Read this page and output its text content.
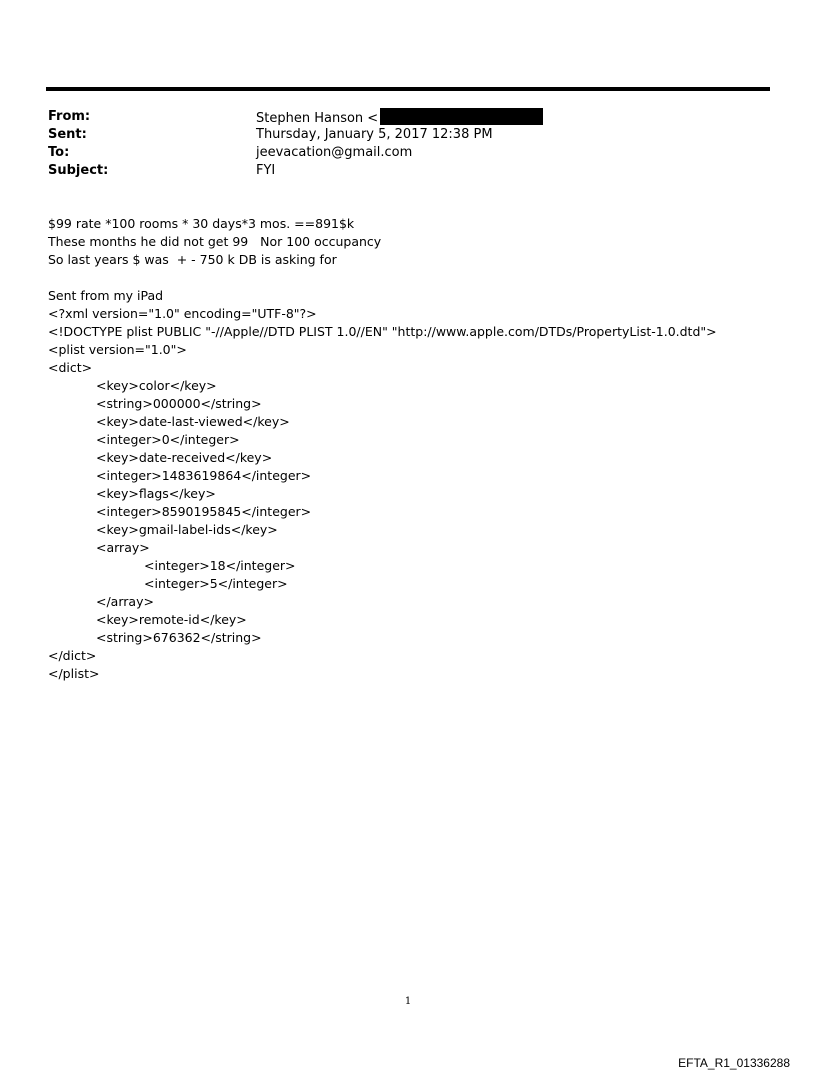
From:	Stephen Hanson <
Sent:	Thursday, January 5, 2017 12:38 PM
To:	jeevacation@gmail.com
Subject:	FYI
$99 rate *100 rooms * 30 days*3 mos. ==891$k
These months he did not get 99   Nor 100 occupancy
So last years $ was  + - 750 k DB is asking for
Sent from my iPad
<?xml version="1.0" encoding="UTF-8"?>
<!DOCTYPE plist PUBLIC "-//Apple//DTD PLIST 1.0//EN" "http://www.apple.com/DTDs/PropertyList-1.0.dtd">
<plist version="1.0">
<dict>
<key>color</key>
<string>000000</string>
<key>date-last-viewed</key>
<integer>0</integer>
<key>date-received</key>
<integer>1483619864</integer>
<key>flags</key>
<integer>8590195845</integer>
<key>gmail-label-ids</key>
<array>
<integer>18</integer>
<integer>5</integer>
</array>
<key>remote-id</key>
<string>676362</string>
</dict>
</plist>
1
EFTA_R1_01336288
